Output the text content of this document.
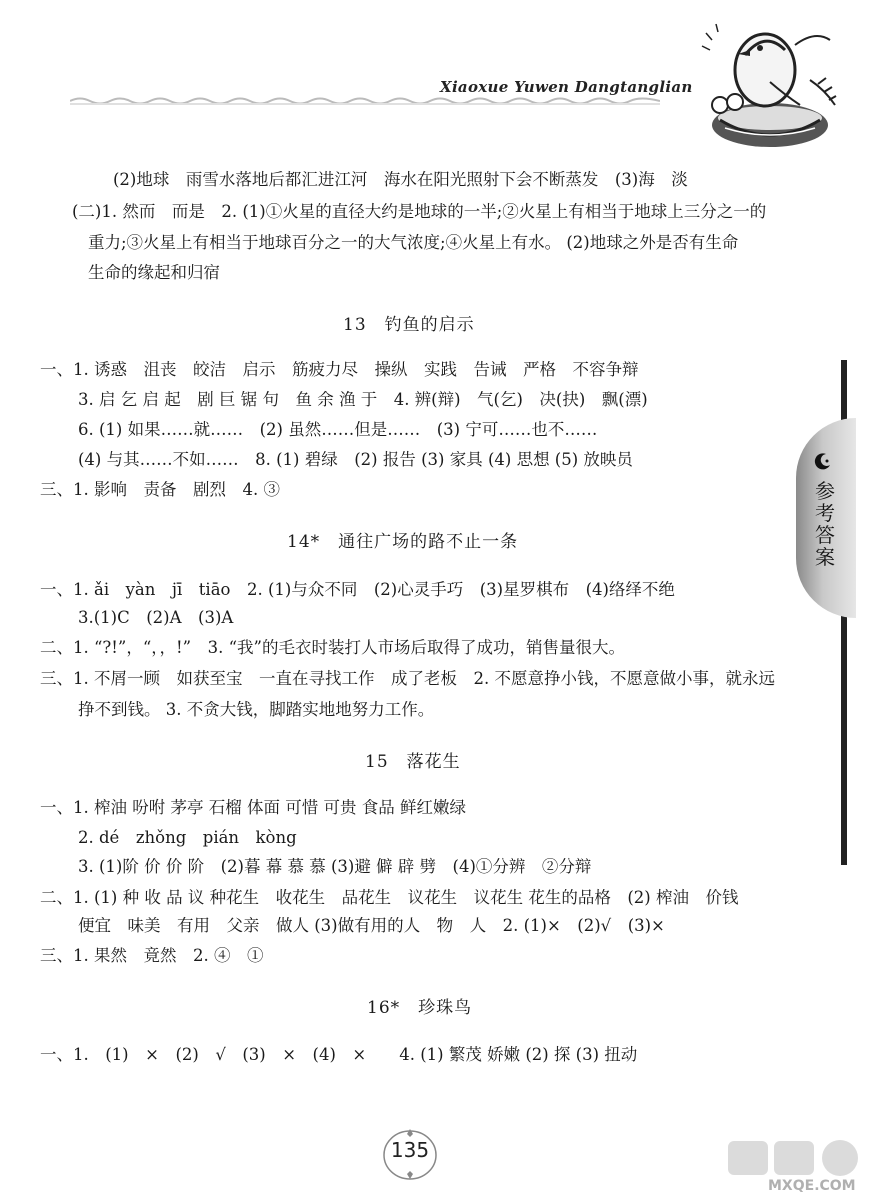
Xiaoxue Yuwen Dangtanglian
(2)地球　雨雪水落地后都汇进江河　海水在阳光照射下会不断蒸发　(3)海　淡
(二)1. 然而　而是　2. (1)①火星的直径大约是地球的一半;②火星上有相当于地球上三分之一的
重力;③火星上有相当于地球百分之一的大气浓度;④火星上有水。 (2)地球之外是否有生命
生命的缘起和归宿
13　钓鱼的启示
一、1. 诱惑　沮丧　皎洁　启示　筋疲力尽　操纵　实践　告诫　严格　不容争辩
3. 启 乞 启 起　剧 巨 锯 句　鱼 余 渔 于　4. 辨(辩)　气(乞)　决(抉)　飘(漂)
6. (1) 如果……就……　(2) 虽然……但是……　(3) 宁可……也不……
(4) 与其……不如……　8. (1) 碧绿　(2) 报告 (3) 家具 (4) 思想 (5) 放映员
三、1. 影响　责备　剧烈　4. ③
14*　通往广场的路不止一条
一、1. ǎi　yàn　jī　tiāo　2. (1)与众不同　(2)心灵手巧　(3)星罗棋布　(4)络绎不绝
3.(1)C　(2)A　(3)A
二、1. “?!”，“，，!”　3. “我”的毛衣时装打人市场后取得了成功，销售量很大。
三、1. 不屑一顾　如获至宝　一直在寻找工作　成了老板　2. 不愿意挣小钱，不愿意做小事，就永远
挣不到钱。 3. 不贪大钱，脚踏实地地努力工作。
15　落花生
一、1. 榨油 吩咐 茅亭 石榴 体面 可惜 可贵 食品 鲜红嫩绿
2. dé　zhǒng　pián　kòng
3. (1)阶 价 价 阶　(2)暮 幕 慕 慕 (3)避 僻 辟 劈　(4)①分辨　②分辩
二、1. (1) 种 收 品 议 种花生　收花生　品花生　议花生　议花生 花生的品格　(2) 榨油　价钱
便宜　味美　有用　父亲　做人 (3)做有用的人　物　人　2. (1)×　(2)√　(3)×
三、1. 果然　竟然　2. ④　①
16*　珍珠鸟
一、1.　(1)　×　(2)　√　(3)　×　(4)　×　　4. (1) 繁茂 娇嫩 (2) 探 (3) 扭动
参考答案
135
MXQE.COM
